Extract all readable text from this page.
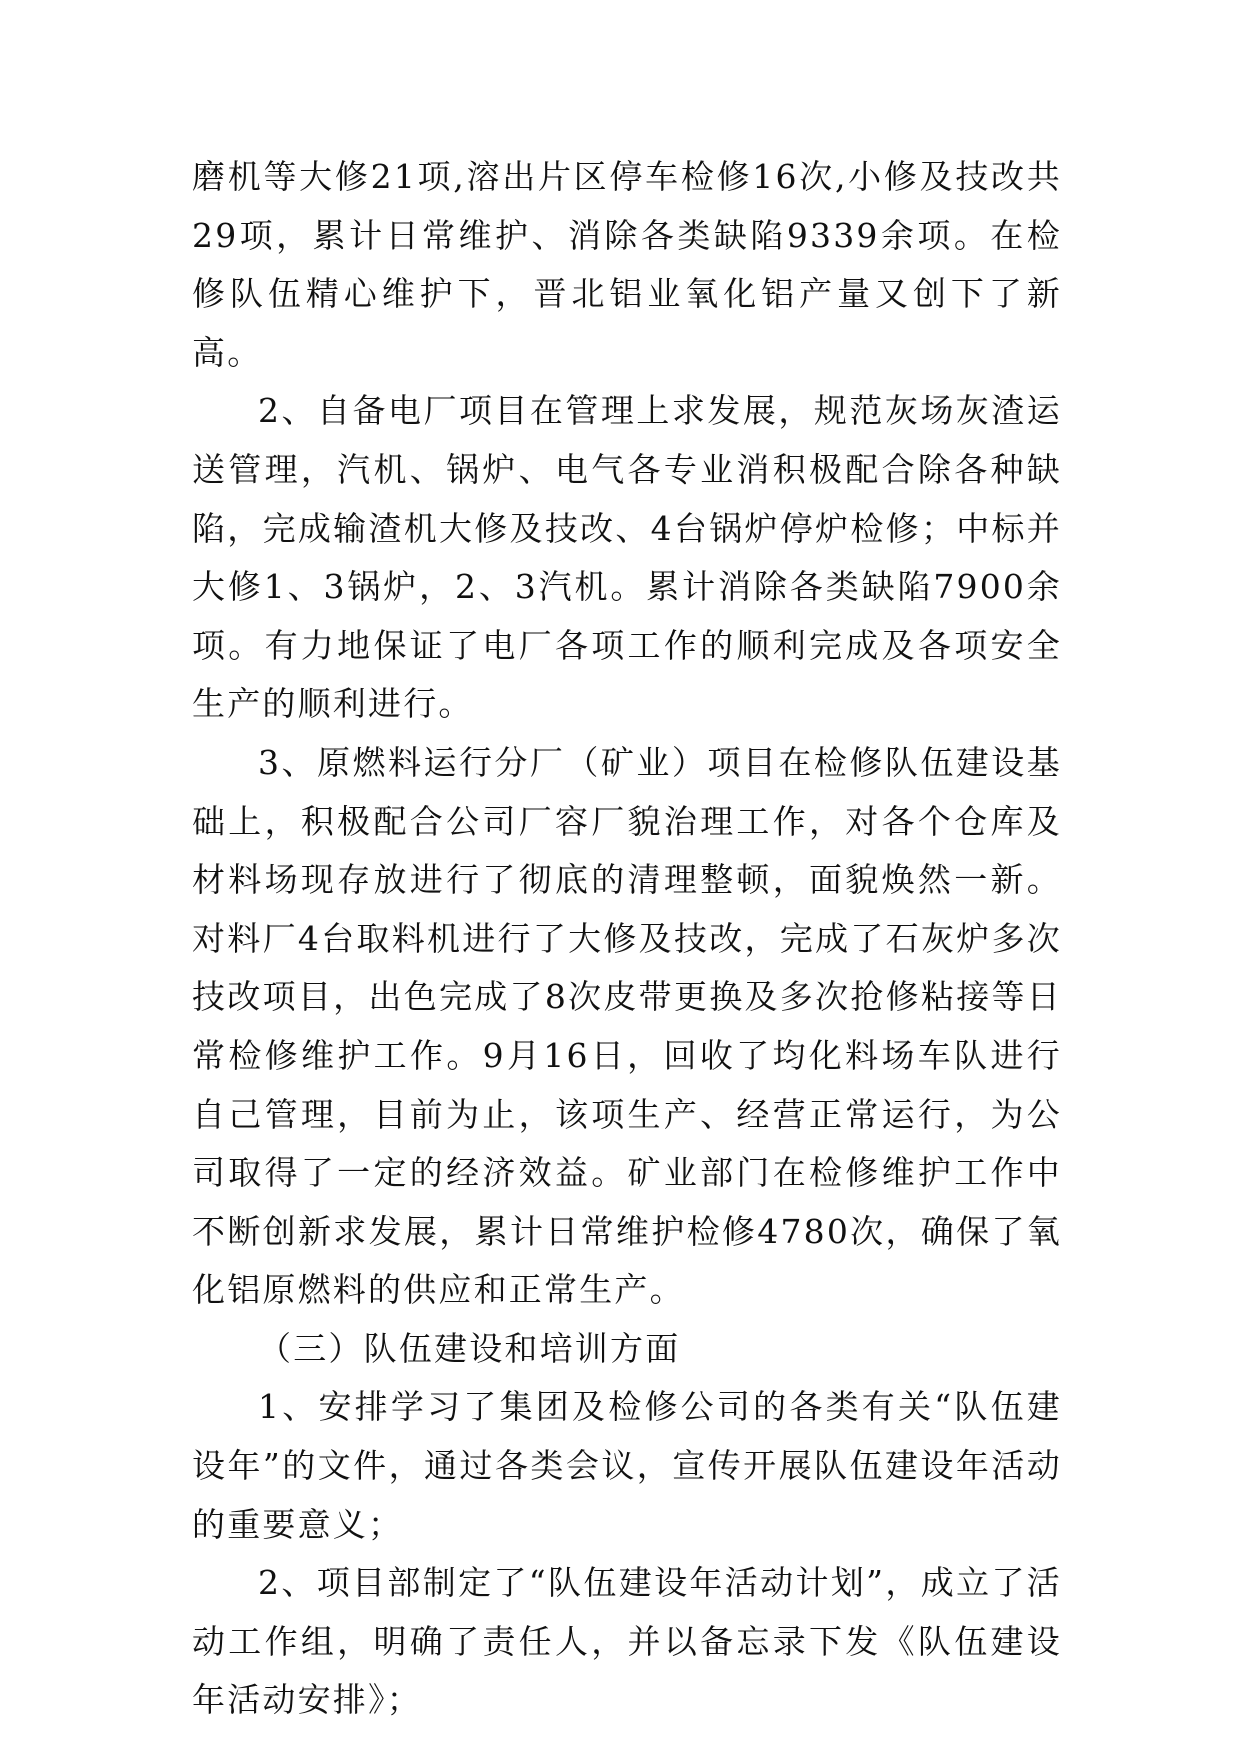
磨机等大修21项,溶出片区停车检修16次,小修及技改共29项，累计日常维护、消除各类缺陷9339余项。在检修队伍精心维护下，晋北铝业氧化铝产量又创下了新高。

2、自备电厂项目在管理上求发展，规范灰场灰渣运送管理，汽机、锅炉、电气各专业消积极配合除各种缺陷，完成输渣机大修及技改、4台锅炉停炉检修；中标并大修1、3锅炉，2、3汽机。累计消除各类缺陷7900余项。有力地保证了电厂各项工作的顺利完成及各项安全生产的顺利进行。

3、原燃料运行分厂（矿业）项目在检修队伍建设基础上，积极配合公司厂容厂貌治理工作，对各个仓库及材料场现存放进行了彻底的清理整顿，面貌焕然一新。对料厂4台取料机进行了大修及技改，完成了石灰炉多次技改项目，出色完成了8次皮带更换及多次抢修粘接等日常检修维护工作。9月16日，回收了均化料场车队进行自己管理，目前为止，该项生产、经营正常运行，为公司取得了一定的经济效益。矿业部门在检修维护工作中不断创新求发展，累计日常维护检修4780次，确保了氧化铝原燃料的供应和正常生产。

（三）队伍建设和培训方面

1、安排学习了集团及检修公司的各类有关“队伍建设年”的文件，通过各类会议，宣传开展队伍建设年活动的重要意义；

2、项目部制定了“队伍建设年活动计划”，成立了活动工作组，明确了责任人，并以备忘录下发《队伍建设年活动安排》；
